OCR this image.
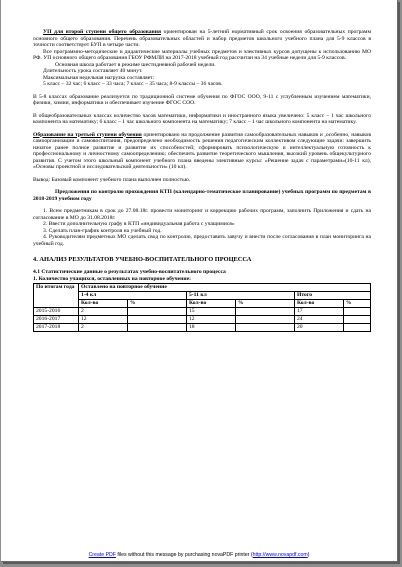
УП для второй ступени общего образования ориентирован на 5-летний нормативный срок освоения образовательных программ основного общего образования. Перечень образовательных областей и набор предметов школьного учебного плана для 5-9 классов в точности соответствует БУП в четыре части.

Все программно-методические и дидактические материалы учебных предметов и элективных курсов допущены к использованию МО РФ. УП основного общего образования ГБОУ РФМЛИ на 2017-2018 учебный год рассчитан на 34 учебные недели для 5-9 классов.

Основная школа работает в режиме шестидневной рабочей недели.

Длительность урока составляет 40 минут.

Максимальная недельная нагрузка составляет:

5 класс – 32 час; 6 класс – 33 часа; 7 класс – 35 часа; 8-9 классы – 36 часов.

В 5-8 классах образование реализуется по традиционной системе обучения по ФГОС ООО, 9-11 с углубленным изучением математики, физики, химии, информатики и обеспечивает изучение ФГОС СОО.

В общеобразовательных классах количество часов математики, информатики и иностранного языка увеличено: 5 класс – 1 час школьного компонента на математику; 6 класс – 1 час школьного компонента на математику; 7 класс – 1 час школьного компонента на математику.

Образование на третьей ступени обучения ориентировано на продолжение развития самообразовательных навыков и ,особенно, навыков самоорганизации и самовоспитания, предопределено необходимость решения педагогическим коллективом следующие задачи: завершить начатое ранее полное развитие и развитие их способностей; сформировать психологическую и интеллектуальную готовность к профессиональному и личностному самоопределению; обеспечить развитие теоретического мышления, высокий уровень общекультурного развития. С учетом этого школьный компонент учебного плана введены элективные курсы: «Решение задач с параметрами»(10-11 кл), «Основы проектной и исследовательской деятельности» (10 кл).

Вывод: Базовый компонент учебного плана выполнен полностью.

Предложения по контролю прохождения КТП (календарно-тематическое планирование) учебных программ по предметам в 2018-2019 учебном году

1. Всем предметникам в срок до 27.08.18г. провести мониторинг и коррекцию рабочих программ, заполнить Приложения и сдать на согласование в МО до 31.08.2018г.

2. Ввести дополнительную графу в КТП «индивидуальная работа с учащимися»

3. Сделать план-график контроля на учебный год.

4. Руководителям предметных МО сделать свод по контролю, предоставить завучу и внести после согласования в план мониторинга на учебный год.

4. АНАЛИЗ РЕЗУЛЬТАТОВ УЧЕБНО-ВОСПИТАТЕЛЬНОГО ПРОЦЕССА

4.1 Статистические данные о результатах учебно-воспитательного процесса

1. Количество учащихся, оставленных на повторное обучение:

По итогам года	Оставлено на повторное обучение					
	1-4 кл		5-11 кл		Итого	
	Кол-во	%	Кол-во	%	Кол-во	%
2015-2016	2		15		17	
2016-2017	12		12		24	
2017-2018	2		18		20	
Create PDF files without this message by purchasing novaPDF printer (http://www.novapdf.com)
